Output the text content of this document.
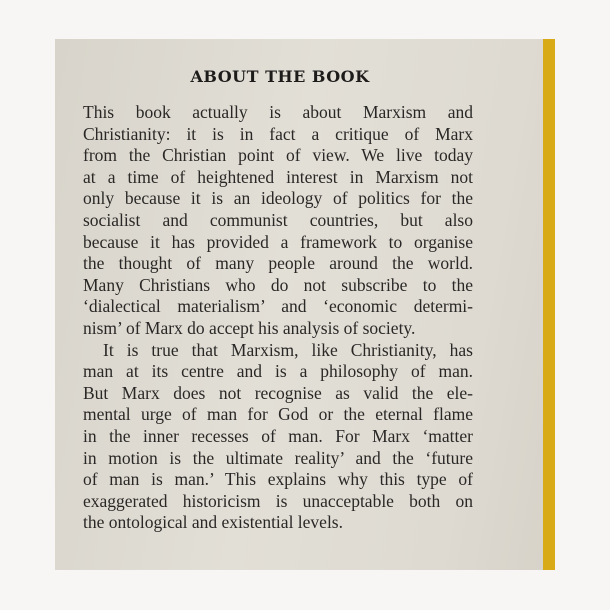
ABOUT THE BOOK
This book actually is about Marxism and
Christianity: it is in fact a critique of Marx
from the Christian point of view. We live today
at a time of heightened interest in Marxism not
only because it is an ideology of politics for the
socialist and communist countries, but also
because it has provided a framework to organise
the thought of many people around the world.
Many Christians who do not subscribe to the
‘dialectical materialism’ and ‘economic determi-
nism’ of Marx do accept his analysis of society.
It is true that Marxism, like Christianity, has
man at its centre and is a philosophy of man.
But Marx does not recognise as valid the ele-
mental urge of man for God or the eternal flame
in the inner recesses of man. For Marx ‘matter
in motion is the ultimate reality’ and the ‘future
of man is man.’ This explains why this type of
exaggerated historicism is unacceptable both on
the ontological and existential levels.
